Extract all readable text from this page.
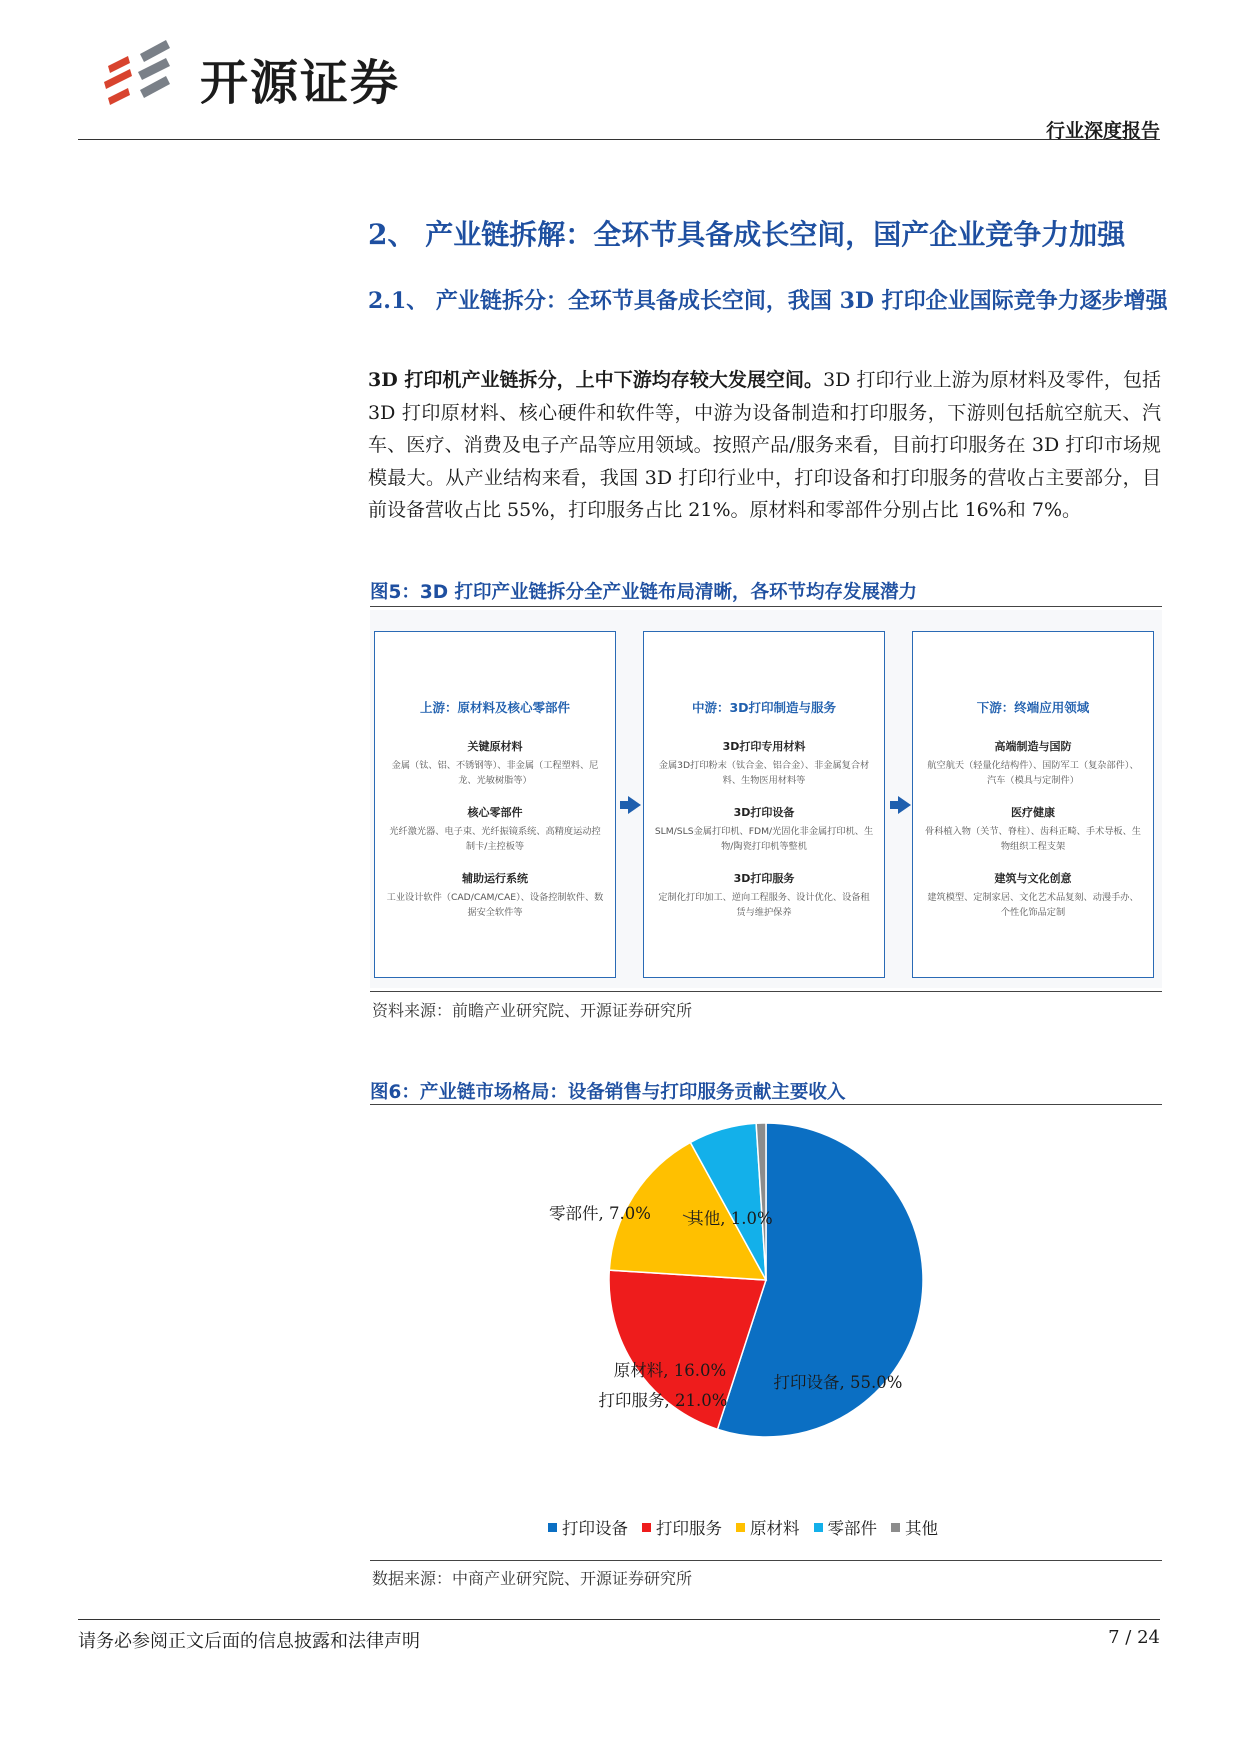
开源证券
行业深度报告
2、 产业链拆解：全环节具备成长空间，国产企业竞争力加强
2.1、 产业链拆分：全环节具备成长空间，我国 3D 打印企业国际竞争力逐步增强
3D 打印机产业链拆分，上中下游均存较大发展空间。3D 打印行业上游为原材料及零件，包括 3D 打印原材料、核心硬件和软件等，中游为设备制造和打印服务，下游则包括航空航天、汽车、医疗、消费及电子产品等应用领域。按照产品/服务来看，目前打印服务在 3D 打印市场规模最大。从产业结构来看，我国 3D 打印行业中，打印设备和打印服务的营收占主要部分，目前设备营收占比 55%，打印服务占比 21%。原材料和零部件分别占比 16%和 7%。
图5：3D 打印产业链拆分全产业链布局清晰，各环节均存发展潜力
上游：原材料及核心零部件
关键原材料
金属（钛、铝、不锈钢等）、非金属（工程塑料、尼龙、光敏树脂等）
核心零部件
光纤激光器、电子束、光纤振镜系统、高精度运动控制卡/主控板等
辅助运行系统
工业设计软件（CAD/CAM/CAE）、设备控制软件、数据安全软件等
中游：3D打印制造与服务
3D打印专用材料
金属3D打印粉末（钛合金、铝合金）、非金属复合材料、生物医用材料等
3D打印设备
SLM/SLS金属打印机、FDM/光固化非金属打印机、生物/陶瓷打印机等整机
3D打印服务
定制化打印加工、逆向工程服务、设计优化、设备租赁与维护保养
下游：终端应用领域
高端制造与国防
航空航天（轻量化结构件）、国防军工（复杂部件）、汽车（模具与定制件）
医疗健康
骨科植入物（关节、脊柱）、齿科正畸、手术导板、生物组织工程支架
建筑与文化创意
建筑模型、定制家居、文化艺术品复刻、动漫手办、个性化饰品定制
资料来源：前瞻产业研究院、开源证券研究所
图6：产业链市场格局：设备销售与打印服务贡献主要收入
打印设备, 55.0%
打印服务, 21.0%
原材料, 16.0%
零部件, 7.0% 其他, 1.0%
打印设备 打印服务 原材料 零部件 其他
数据来源：中商产业研究院、开源证券研究所
请务必参阅正文后面的信息披露和法律声明	7 / 24
